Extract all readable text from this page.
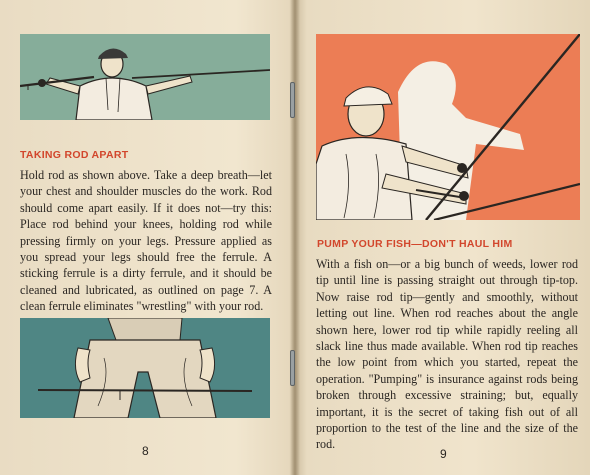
TAKING ROD APART
Hold rod as shown above. Take a deep breath—let your chest and shoulder muscles do the work. Rod should come apart easily. If it does not—try this: Place rod behind your knees, holding rod while pressing firmly on your legs. Pressure applied as you spread your legs should free the ferrule. A sticking ferrule is a dirty ferrule, and it should be cleaned and lubricated, as outlined on page 7. A clean ferrule eliminates "wrestling" with your rod.
8
PUMP YOUR FISH—DON'T HAUL HIM
With a fish on—or a big bunch of weeds, lower rod tip until line is passing straight out through tip-top. Now raise rod tip—gently and smoothly, without letting out line. When rod reaches about the angle shown here, lower rod tip while rapidly reeling all slack line thus made available. When rod tip reaches the low point from which you started, repeat the operation. "Pumping" is insurance against rods being broken through excessive straining; but, equally important, it is the secret of taking fish out of all proportion to the test of the line and the size of the rod.
9
